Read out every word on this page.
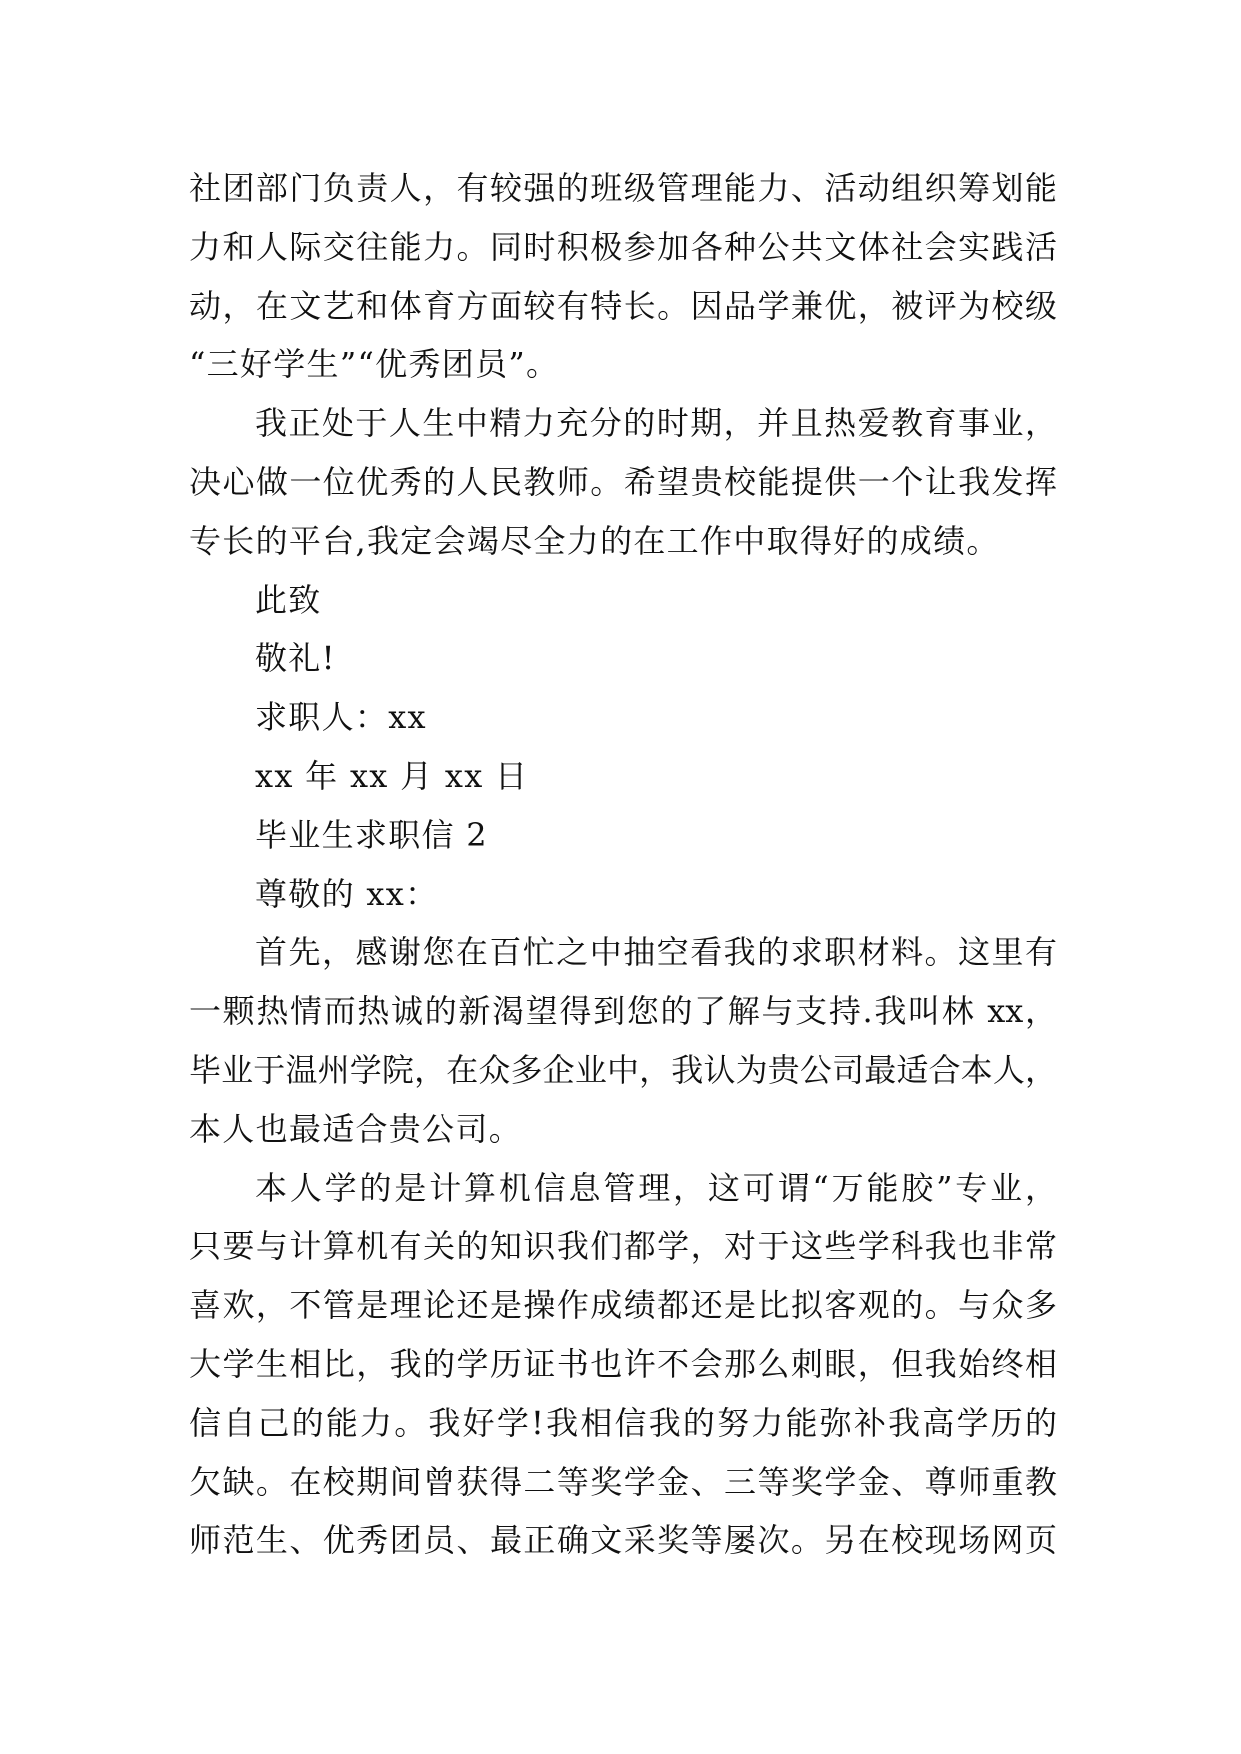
社团部门负责人，有较强的班级管理能力、活动组织筹划能
力和人际交往能力。同时积极参加各种公共文体社会实践活
动，在文艺和体育方面较有特长。因品学兼优，被评为校级
“三好学生”“优秀团员”。
我正处于人生中精力充分的时期，并且热爱教育事业，
决心做一位优秀的人民教师。希望贵校能提供一个让我发挥
专长的平台,我定会竭尽全力的在工作中取得好的成绩。
此致
敬礼!
求职人：xx
xx 年 xx 月 xx 日
毕业生求职信 2
尊敬的 xx：
首先，感谢您在百忙之中抽空看我的求职材料。这里有
一颗热情而热诚的新渴望得到您的了解与支持.我叫林 xx，
毕业于温州学院，在众多企业中，我认为贵公司最适合本人，
本人也最适合贵公司。
本人学的是计算机信息管理，这可谓“万能胶”专业，
只要与计算机有关的知识我们都学，对于这些学科我也非常
喜欢，不管是理论还是操作成绩都还是比拟客观的。与众多
大学生相比，我的学历证书也许不会那么刺眼，但我始终相
信自己的能力。我好学!我相信我的努力能弥补我高学历的
欠缺。在校期间曾获得二等奖学金、三等奖学金、尊师重教
师范生、优秀团员、最正确文采奖等屡次。另在校现场网页
